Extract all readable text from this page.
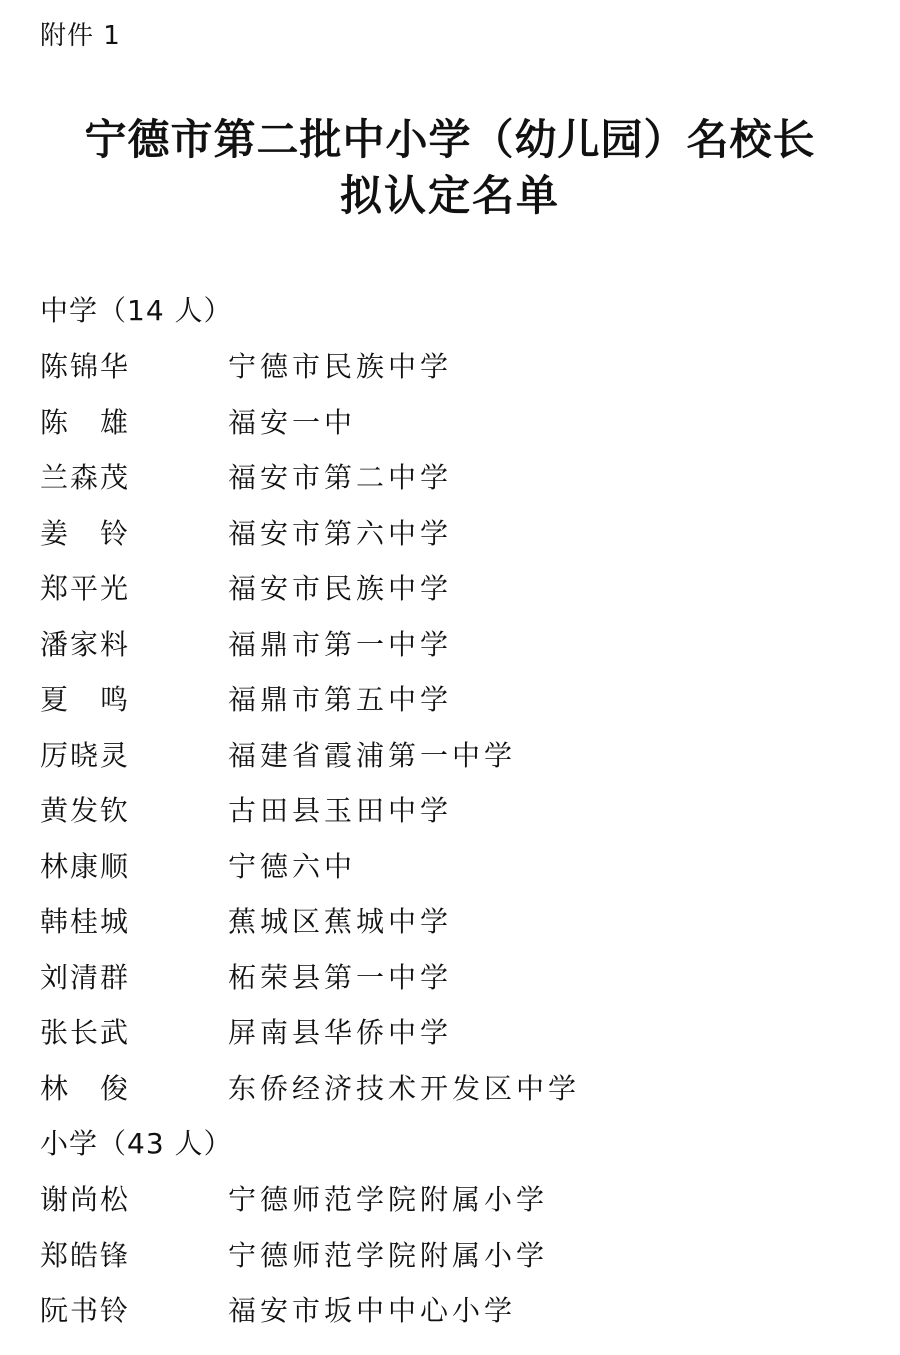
附件 1
宁德市第二批中小学（幼儿园）名校长
拟认定名单
中学（14 人）
陈锦华	宁德市民族中学
陈　雄	福安一中
兰森茂	福安市第二中学
姜　铃	福安市第六中学
郑平光	福安市民族中学
潘家料	福鼎市第一中学
夏　鸣	福鼎市第五中学
厉晓灵	福建省霞浦第一中学
黄发钦	古田县玉田中学
林康顺	宁德六中
韩桂城	蕉城区蕉城中学
刘清群	柘荣县第一中学
张长武	屏南县华侨中学
林　俊	东侨经济技术开发区中学
小学（43 人）
谢尚松	宁德师范学院附属小学
郑皓锋	宁德师范学院附属小学
阮书铃	福安市坂中中心小学
